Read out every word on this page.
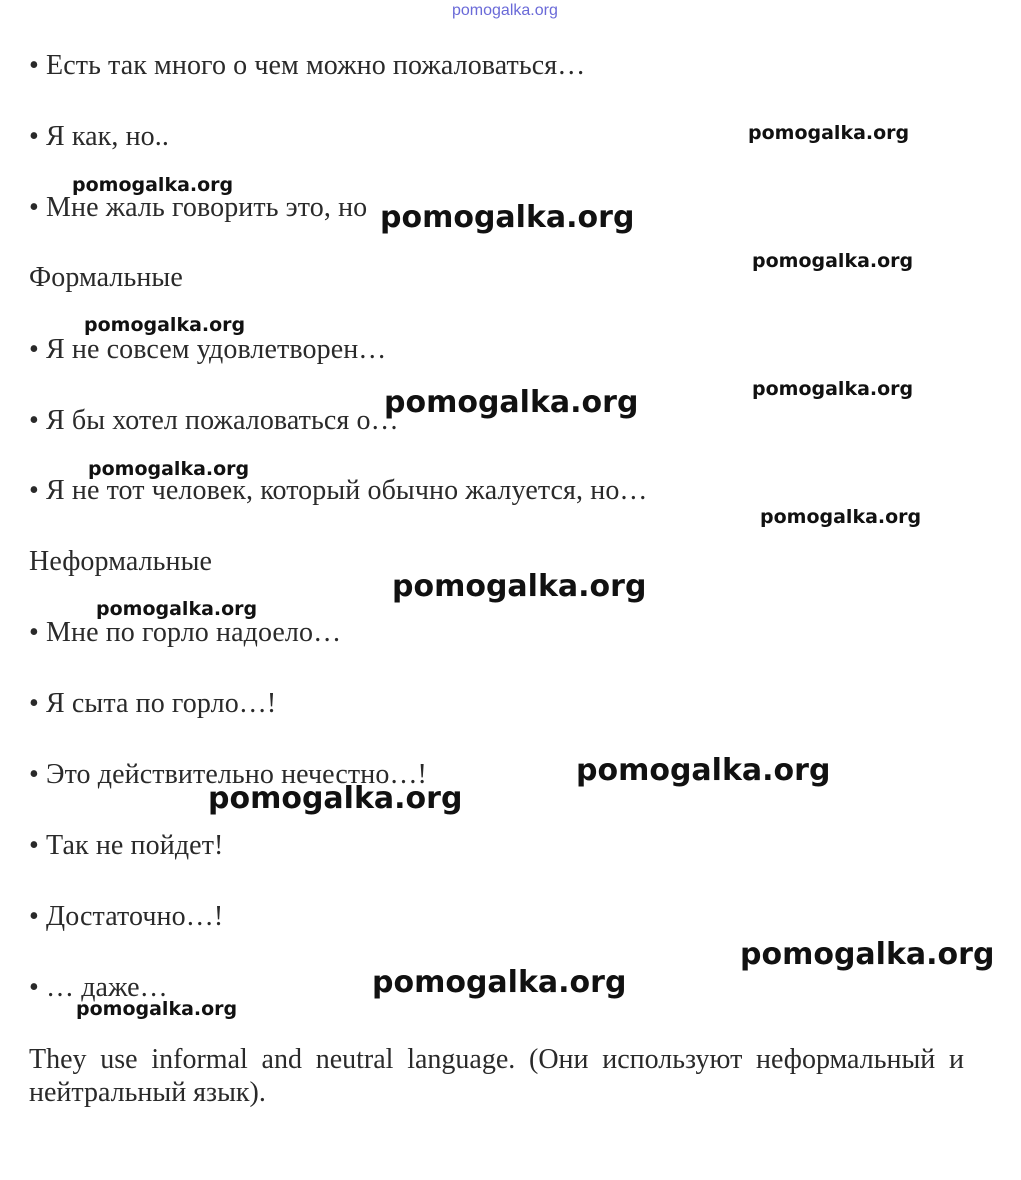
pomogalka.org
• Есть так много о чем можно пожаловаться…
• Я как, но..
• Мне жаль говорить это, но
Формальные
• Я не совсем удовлетворен…
• Я бы хотел пожаловаться о…
• Я не тот человек, который обычно жалуется, но…
Неформальные
• Мне по горло надоело…
• Я сыта по горло…!
• Это действительно нечестно…!
• Так не пойдет!
• Достаточно…!
• … даже…
They use informal and neutral language. (Они используют неформальный и нейтральный язык).
pomogalka.org
pomogalka.org
pomogalka.org
pomogalka.org
pomogalka.org
pomogalka.org
pomogalka.org
pomogalka.org
pomogalka.org
pomogalka.org
pomogalka.org
pomogalka.org
pomogalka.org
pomogalka.org
pomogalka.org
pomogalka.org
